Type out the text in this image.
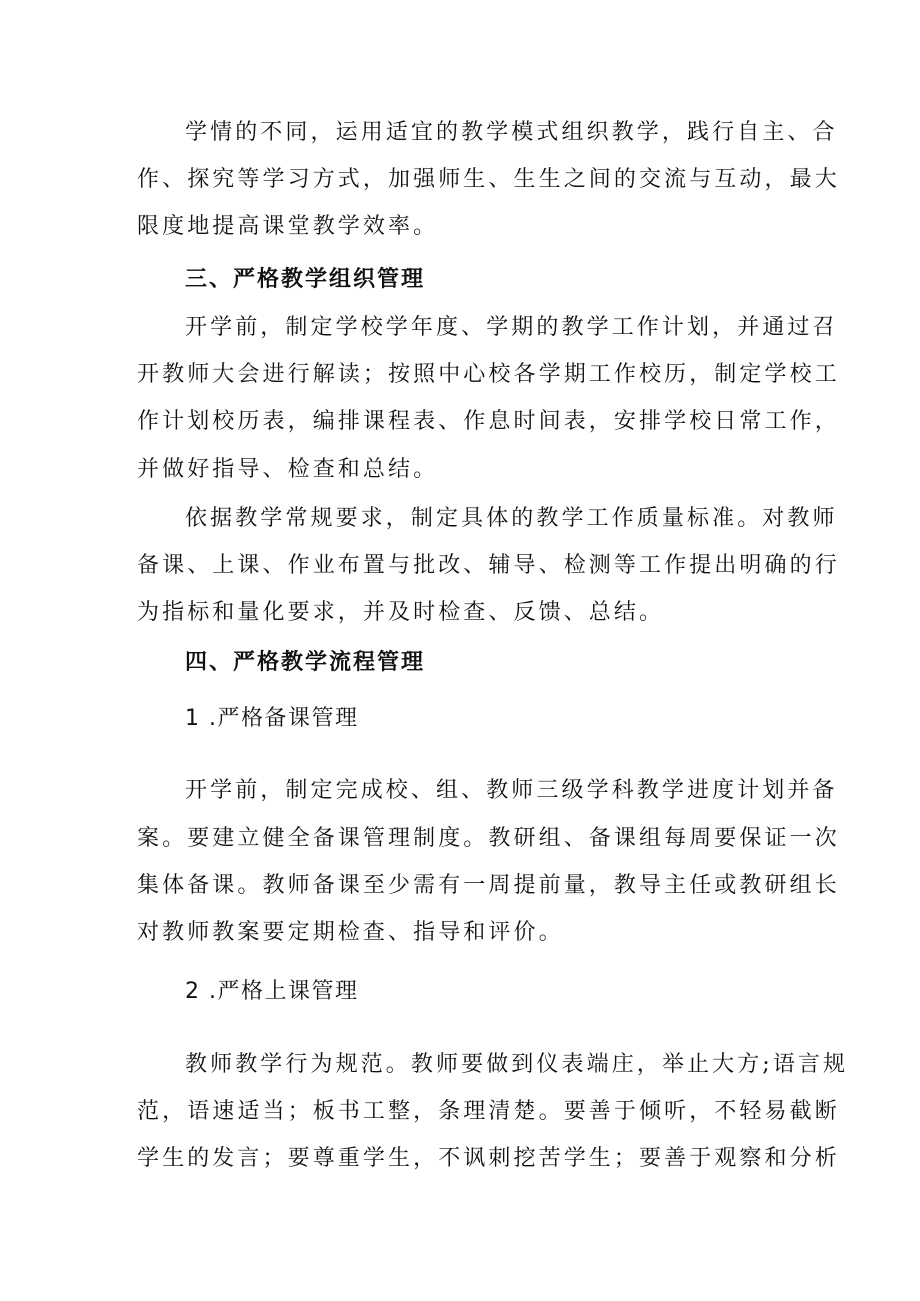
学情的不同，运用适宜的教学模式组织教学，践行自主、合
作、探究等学习方式，加强师生、生生之间的交流与互动，最大
限度地提高课堂教学效率。
三、严格教学组织管理
开学前，制定学校学年度、学期的教学工作计划，并通过召
开教师大会进行解读；按照中心校各学期工作校历，制定学校工
作计划校历表，编排课程表、作息时间表，安排学校日常工作，
并做好指导、检查和总结。
依据教学常规要求，制定具体的教学工作质量标准。对教师
备课、上课、作业布置与批改、辅导、检测等工作提出明确的行
为指标和量化要求，并及时检查、反馈、总结。
四、严格教学流程管理
1 .严格备课管理
开学前，制定完成校、组、教师三级学科教学进度计划并备
案。要建立健全备课管理制度。教研组、备课组每周要保证一次
集体备课。教师备课至少需有一周提前量，教导主任或教研组长
对教师教案要定期检查、指导和评价。
2 .严格上课管理
教师教学行为规范。教师要做到仪表端庄，举止大方;语言规
范，语速适当；板书工整，条理清楚。要善于倾听，不轻易截断
学生的发言；要尊重学生，不讽刺挖苦学生；要善于观察和分析
